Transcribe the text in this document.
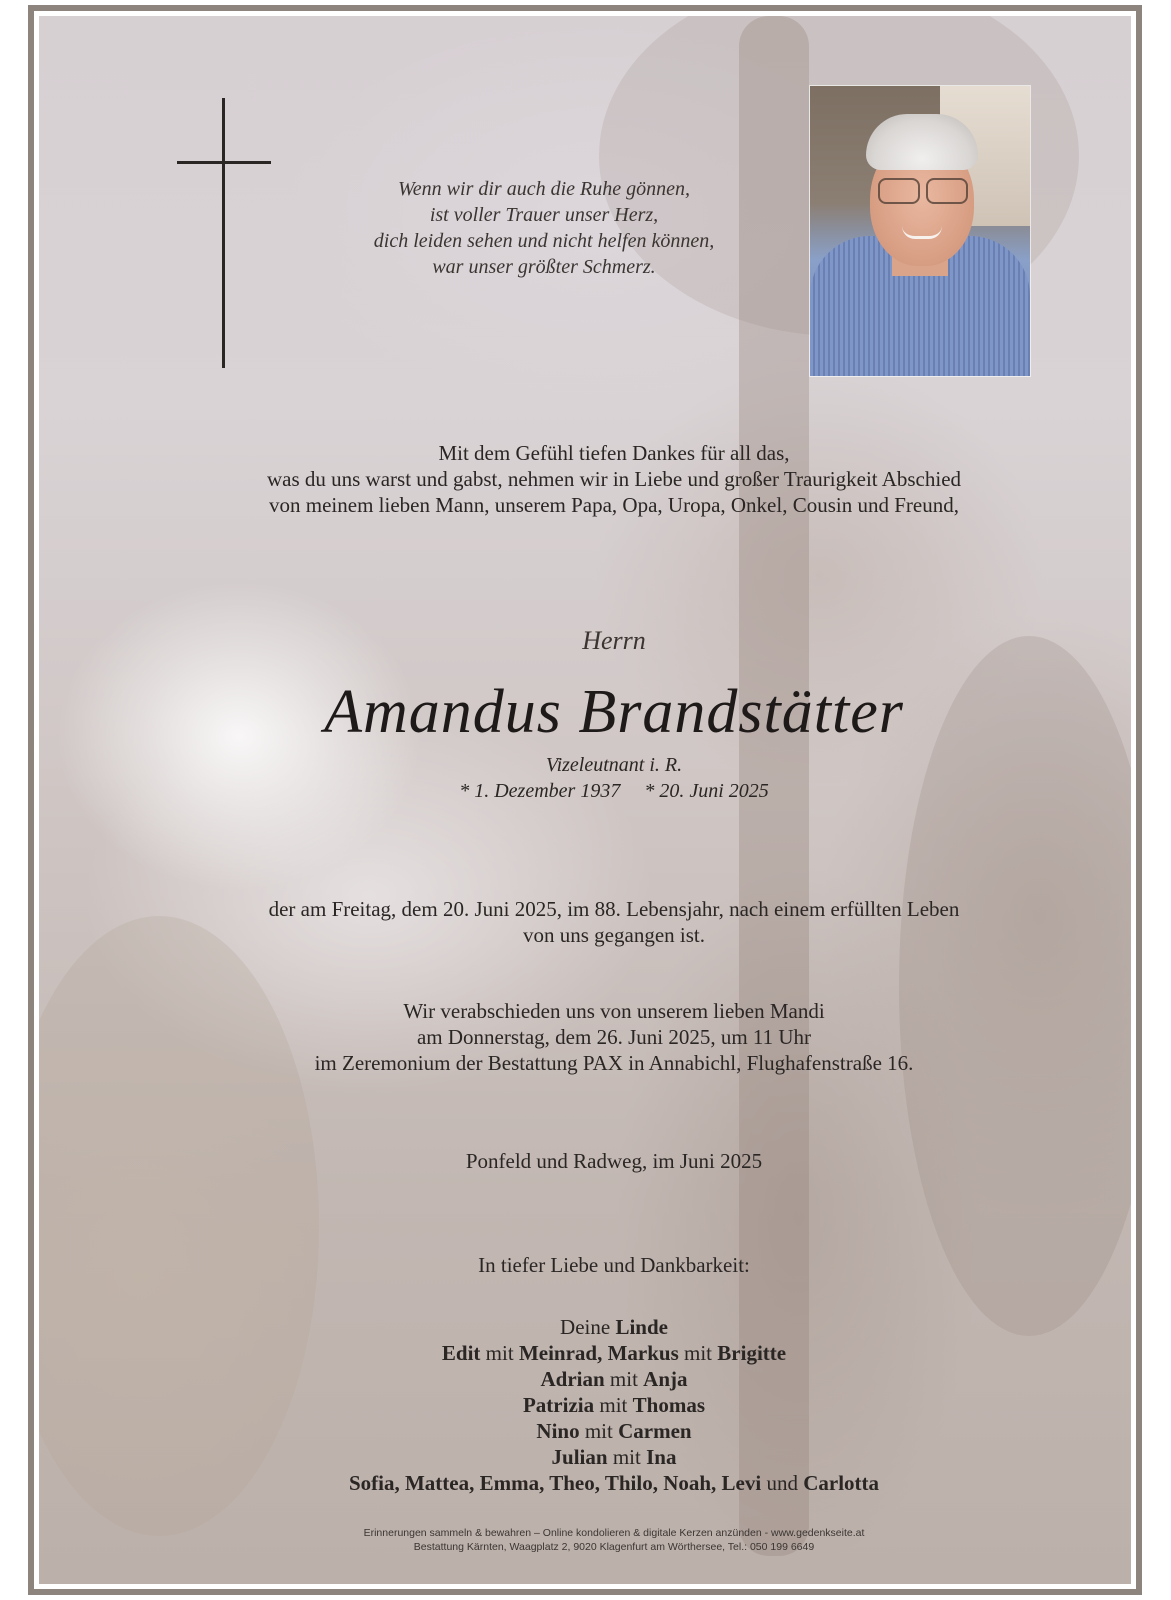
Wenn wir dir auch die Ruhe gönnen,
ist voller Trauer unser Herz,
dich leiden sehen und nicht helfen können,
war unser größter Schmerz.
Mit dem Gefühl tiefen Dankes für all das,
was du uns warst und gabst, nehmen wir in Liebe und großer Traurigkeit Abschied
von meinem lieben Mann, unserem Papa, Opa, Uropa, Onkel, Cousin und Freund,
Herrn
Amandus Brandstätter
Vizeleutnant i. R.
* 1. Dezember 1937 * 20. Juni 2025
der am Freitag, dem 20. Juni 2025, im 88. Lebensjahr, nach einem erfüllten Leben
von uns gegangen ist.
Wir verabschieden uns von unserem lieben Mandi
am Donnerstag, dem 26. Juni 2025, um 11 Uhr
im Zeremonium der Bestattung PAX in Annabichl, Flughafenstraße 16.
Ponfeld und Radweg, im Juni 2025
In tiefer Liebe und Dankbarkeit:
Deine Linde
Edit mit Meinrad, Markus mit Brigitte
Adrian mit Anja
Patrizia mit Thomas
Nino mit Carmen
Julian mit Ina
Sofia, Mattea, Emma, Theo, Thilo, Noah, Levi und Carlotta
Erinnerungen sammeln & bewahren – Online kondolieren & digitale Kerzen anzünden - www.gedenkseite.at
Bestattung Kärnten, Waagplatz 2, 9020 Klagenfurt am Wörthersee, Tel.: 050 199 6649
